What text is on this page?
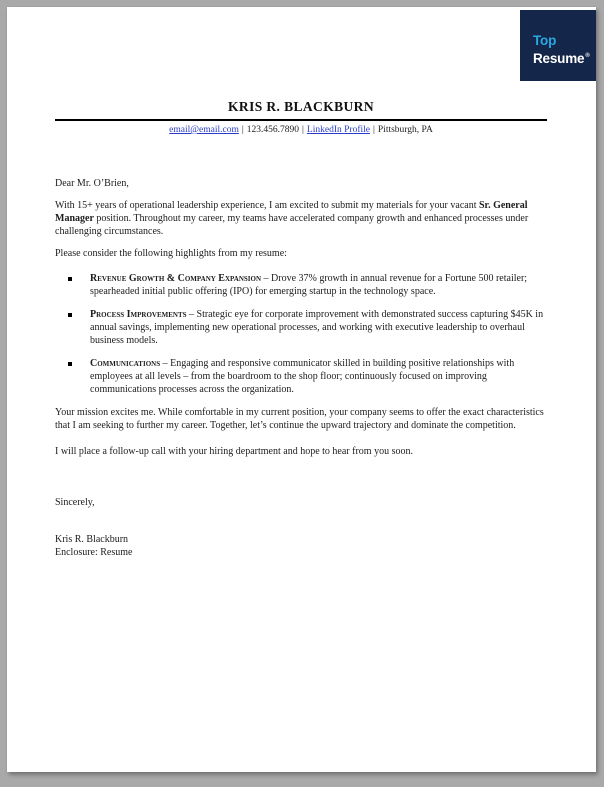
Top
Resume®
KRIS R. BLACKBURN
email@email.com | 123.456.7890 | LinkedIn Profile | Pittsburgh, PA

Dear Mr. O’Brien,

With 15+ years of operational leadership experience, I am excited to submit my materials for your vacant Sr. General Manager position. Throughout my career, my teams have accelerated company growth and enhanced processes under challenging circumstances.

Please consider the following highlights from my resume:

Revenue Growth & Company Expansion – Drove 37% growth in annual revenue for a Fortune 500 retailer; spearheaded initial public offering (IPO) for emerging startup in the technology space.
Process Improvements – Strategic eye for corporate improvement with demonstrated success capturing $45K in annual savings, implementing new operational processes, and working with executive leadership to overhaul business models.
Communications – Engaging and responsive communicator skilled in building positive relationships with employees at all levels – from the boardroom to the shop floor; continuously focused on improving communications processes across the organization.

Your mission excites me. While comfortable in my current position, your company seems to offer the exact characteristics that I am seeking to further my career. Together, let’s continue the upward trajectory and dominate the competition.

I will place a follow-up call with your hiring department and hope to hear from you soon.

Sincerely,

Kris R. Blackburn
Enclosure: Resume
